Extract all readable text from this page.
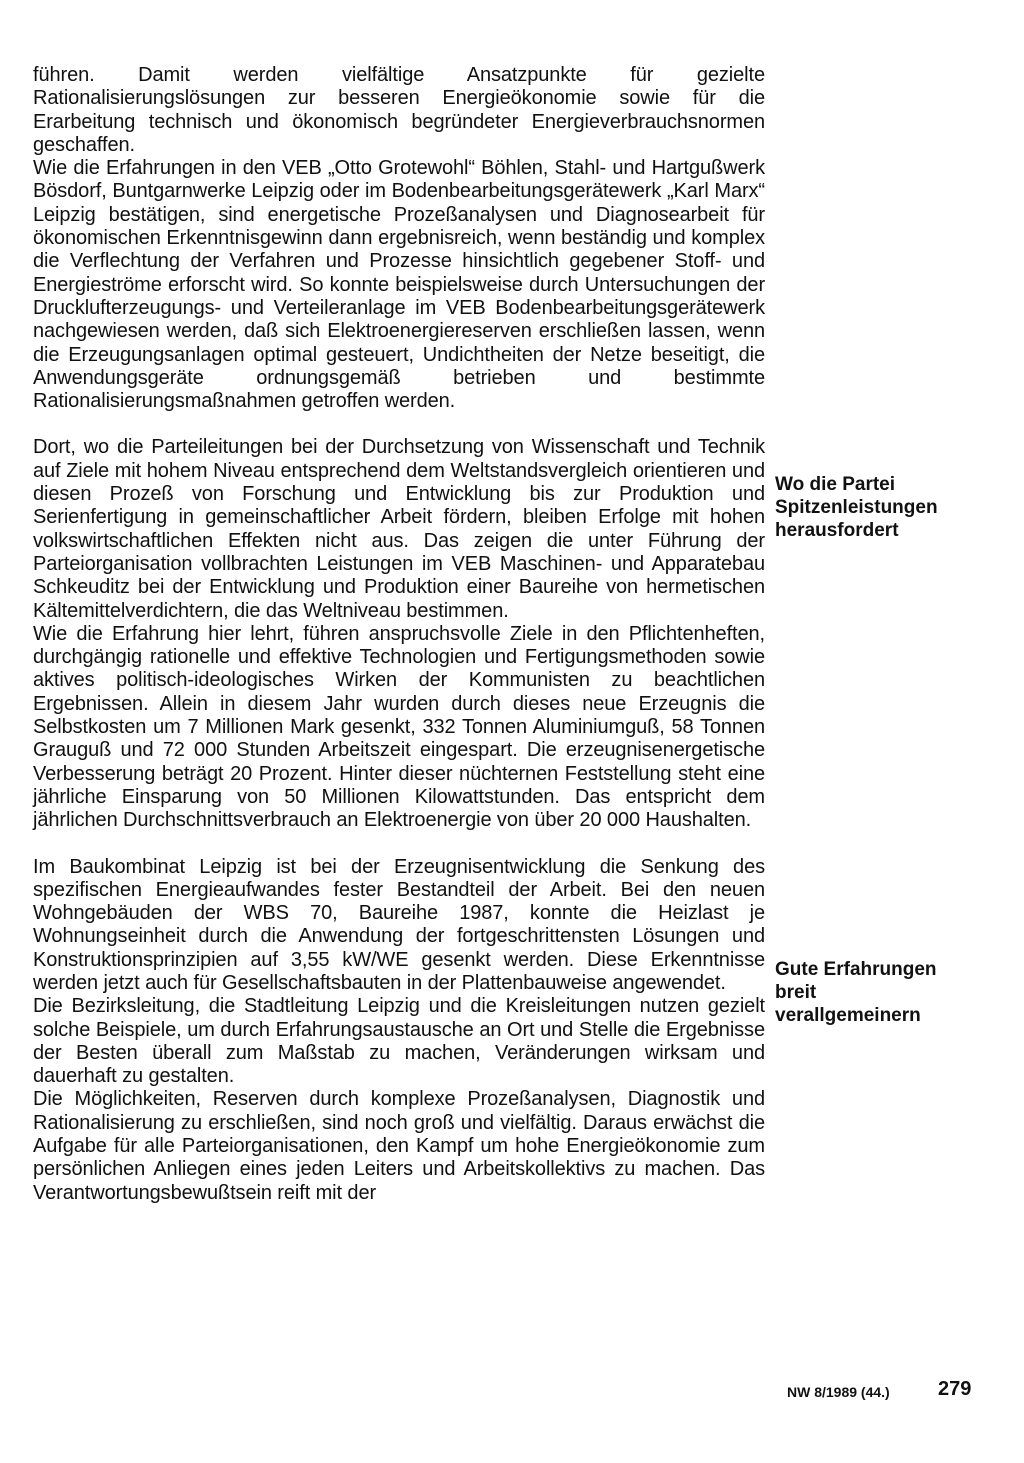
führen. Damit werden vielfältige Ansatzpunkte für gezielte Rationalisierungslösungen zur besseren Energieökonomie sowie für die Erarbeitung technisch und ökonomisch begründeter Energieverbrauchsnormen geschaffen.

Wie die Erfahrungen in den VEB „Otto Grotewohl“ Böhlen, Stahl- und Hartgußwerk Bösdorf, Buntgarnwerke Leipzig oder im Bodenbearbeitungsgerätewerk „Karl Marx“ Leipzig bestätigen, sind energetische Prozeßanalysen und Diagnosearbeit für ökonomischen Erkenntnisgewinn dann ergebnisreich, wenn beständig und komplex die Verflechtung der Verfahren und Prozesse hinsichtlich gegebener Stoff- und Energieströme erforscht wird. So konnte beispielsweise durch Untersuchungen der Drucklufterzeugungs- und Verteileranlage im VEB Bodenbearbeitungsgerätewerk nachgewiesen werden, daß sich Elektroenergiereserven erschließen lassen, wenn die Erzeugungsanlagen optimal gesteuert, Undichtheiten der Netze beseitigt, die Anwendungsgeräte ordnungsgemäß betrieben und bestimmte Rationalisierungsmaßnahmen getroffen werden.

Dort, wo die Parteileitungen bei der Durchsetzung von Wissenschaft und Technik auf Ziele mit hohem Niveau entsprechend dem Weltstandsvergleich orientieren und diesen Prozeß von Forschung und Entwicklung bis zur Produktion und Serienfertigung in gemeinschaftlicher Arbeit fördern, bleiben Erfolge mit hohen volkswirtschaftlichen Effekten nicht aus. Das zeigen die unter Führung der Parteiorganisation vollbrachten Leistungen im VEB Maschinen- und Apparatebau Schkeuditz bei der Entwicklung und Produktion einer Baureihe von hermetischen Kältemittelverdichtern, die das Weltniveau bestimmen.

Wie die Erfahrung hier lehrt, führen anspruchsvolle Ziele in den Pflichtenheften, durchgängig rationelle und effektive Technologien und Fertigungsmethoden sowie aktives politisch-ideologisches Wirken der Kommunisten zu beachtlichen Ergebnissen. Allein in diesem Jahr wurden durch dieses neue Erzeugnis die Selbstkosten um 7 Millionen Mark gesenkt, 332 Tonnen Aluminiumguß, 58 Tonnen Grauguß und 72 000 Stunden Arbeitszeit eingespart. Die erzeugnisenergetische Verbesserung beträgt 20 Prozent. Hinter dieser nüchternen Feststellung steht eine jährliche Einsparung von 50 Millionen Kilowattstunden. Das entspricht dem jährlichen Durchschnittsverbrauch an Elektroenergie von über 20 000 Haushalten.

Im Baukombinat Leipzig ist bei der Erzeugnisentwicklung die Senkung des spezifischen Energieaufwandes fester Bestandteil der Arbeit. Bei den neuen Wohngebäuden der WBS 70, Baureihe 1987, konnte die Heizlast je Wohnungseinheit durch die Anwendung der fortgeschrittensten Lösungen und Konstruktionsprinzipien auf 3,55 kW/WE gesenkt werden. Diese Erkenntnisse werden jetzt auch für Gesellschaftsbauten in der Plattenbauweise angewendet.

Die Bezirksleitung, die Stadtleitung Leipzig und die Kreisleitungen nutzen gezielt solche Beispiele, um durch Erfahrungsaustausche an Ort und Stelle die Ergebnisse der Besten überall zum Maßstab zu machen, Veränderungen wirksam und dauerhaft zu gestalten.

Die Möglichkeiten, Reserven durch komplexe Prozeßanalysen, Diagnostik und Rationalisierung zu erschließen, sind noch groß und vielfältig. Daraus erwächst die Aufgabe für alle Parteiorganisationen, den Kampf um hohe Energieökonomie zum persönlichen Anliegen eines jeden Leiters und Arbeitskollektivs zu machen. Das Verantwortungsbewußtsein reift mit der

Wo die Partei
Spitzenleistungen
herausfordert
Gute Erfahrungen
breit
verallgemeinern
NW 8/1989 (44.) 279
